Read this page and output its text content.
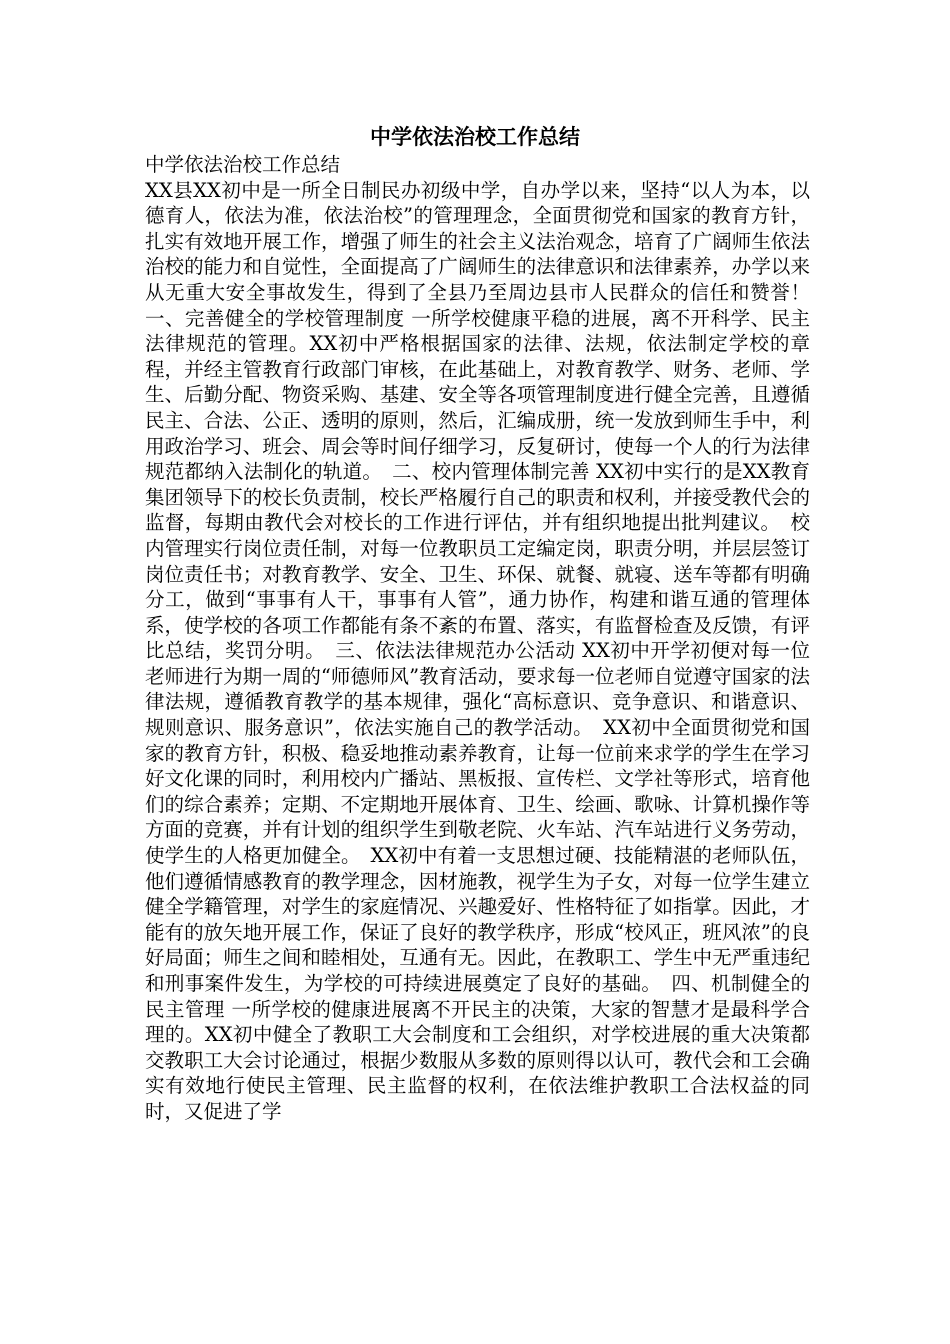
中学依法治校工作总结

中学依法治校工作总结

XX县XX初中是一所全日制民办初级中学，自办学以来，坚持“以人为本，以德育人，依法为准，依法治校”的管理理念，全面贯彻党和国家的教育方针，扎实有效地开展工作，增强了师生的社会主义法治观念，培育了广阔师生依法治校的能力和自觉性，全面提高了广阔师生的法律意识和法律素养，办学以来从无重大安全事故发生，得到了全县乃至周边县市人民群众的信任和赞誉！　一、完善健全的学校管理制度 一所学校健康平稳的进展，离不开科学、民主法律规范的管理。XX初中严格根据国家的法律、法规，依法制定学校的章程，并经主管教育行政部门审核，在此基础上，对教育教学、财务、老师、学生、后勤分配、物资采购、基建、安全等各项管理制度进行健全完善，且遵循民主、合法、公正、透明的原则，然后，汇编成册，统一发放到师生手中，利用政治学习、班会、周会等时间仔细学习，反复研讨，使每一个人的行为法律规范都纳入法制化的轨道。　二、校内管理体制完善 XX初中实行的是XX教育集团领导下的校长负责制，校长严格履行自己的职责和权利，并接受教代会的监督，每期由教代会对校长的工作进行评估，并有组织地提出批判建议。　校内管理实行岗位责任制，对每一位教职员工定编定岗，职责分明，并层层签订岗位责任书；对教育教学、安全、卫生、环保、就餐、就寝、送车等都有明确分工，做到“事事有人干，事事有人管”，通力协作，构建和谐互通的管理体系，使学校的各项工作都能有条不紊的布置、落实，有监督检查及反馈，有评比总结，奖罚分明。　三、依法法律规范办公活动 XX初中开学初便对每一位老师进行为期一周的“师德师风”教育活动，要求每一位老师自觉遵守国家的法律法规，遵循教育教学的基本规律，强化“高标意识、竞争意识、和谐意识、规则意识、服务意识”，依法实施自己的教学活动。　XX初中全面贯彻党和国家的教育方针，积极、稳妥地推动素养教育，让每一位前来求学的学生在学习好文化课的同时，利用校内广播站、黑板报、宣传栏、文学社等形式，培育他们的综合素养；定期、不定期地开展体育、卫生、绘画、歌咏、计算机操作等方面的竞赛，并有计划的组织学生到敬老院、火车站、汽车站进行义务劳动，使学生的人格更加健全。　XX初中有着一支思想过硬、技能精湛的老师队伍，他们遵循情感教育的教学理念，因材施教，视学生为子女，对每一位学生建立健全学籍管理，对学生的家庭情况、兴趣爱好、性格特征了如指掌。因此，才能有的放矢地开展工作，保证了良好的教学秩序，形成“校风正，班风浓”的良好局面；师生之间和睦相处，互通有无。因此，在教职工、学生中无严重违纪和刑事案件发生，为学校的可持续进展奠定了良好的基础。　四、机制健全的民主管理 一所学校的健康进展离不开民主的决策，大家的智慧才是最科学合理的。XX初中健全了教职工大会制度和工会组织，对学校进展的重大决策都交教职工大会讨论通过，根据少数服从多数的原则得以认可，教代会和工会确实有效地行使民主管理、民主监督的权利，在依法维护教职工合法权益的同时，又促进了学
